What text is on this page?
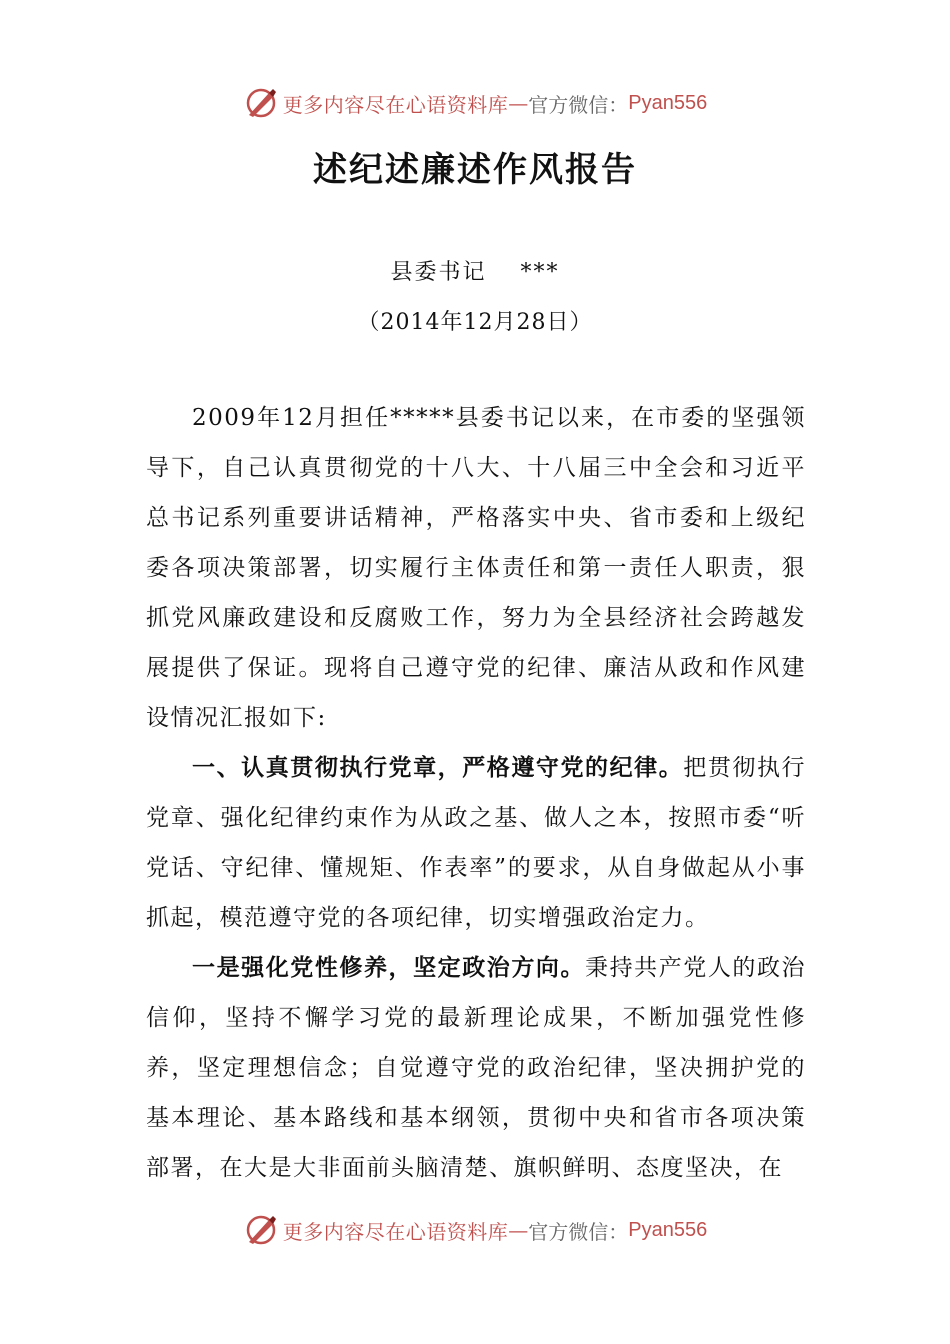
更多内容尽在心语资料库 — 官方微信： Pyan556
述纪述廉述作风报告
县委书记 ***
（2014年12月28日）

2009年12月担任*****县委书记以来，在市委的坚强领导下，自己认真贯彻党的十八大、十八届三中全会和习近平总书记系列重要讲话精神，严格落实中央、省市委和上级纪委各项决策部署，切实履行主体责任和第一责任人职责，狠抓党风廉政建设和反腐败工作，努力为全县经济社会跨越发展提供了保证。现将自己遵守党的纪律、廉洁从政和作风建设情况汇报如下:

一、认真贯彻执行党章，严格遵守党的纪律。把贯彻执行党章、强化纪律约束作为从政之基、做人之本，按照市委“听党话、守纪律、懂规矩、作表率”的要求，从自身做起从小事抓起，模范遵守党的各项纪律，切实增强政治定力。

一是强化党性修养，坚定政治方向。秉持共产党人的政治信仰，坚持不懈学习党的最新理论成果，不断加强党性修养，坚定理想信念；自觉遵守党的政治纪律，坚决拥护党的基本理论、基本路线和基本纲领，贯彻中央和省市各项决策部署，在大是大非面前头脑清楚、旗帜鲜明、态度坚决，在

更多内容尽在心语资料库 — 官方微信： Pyan556
